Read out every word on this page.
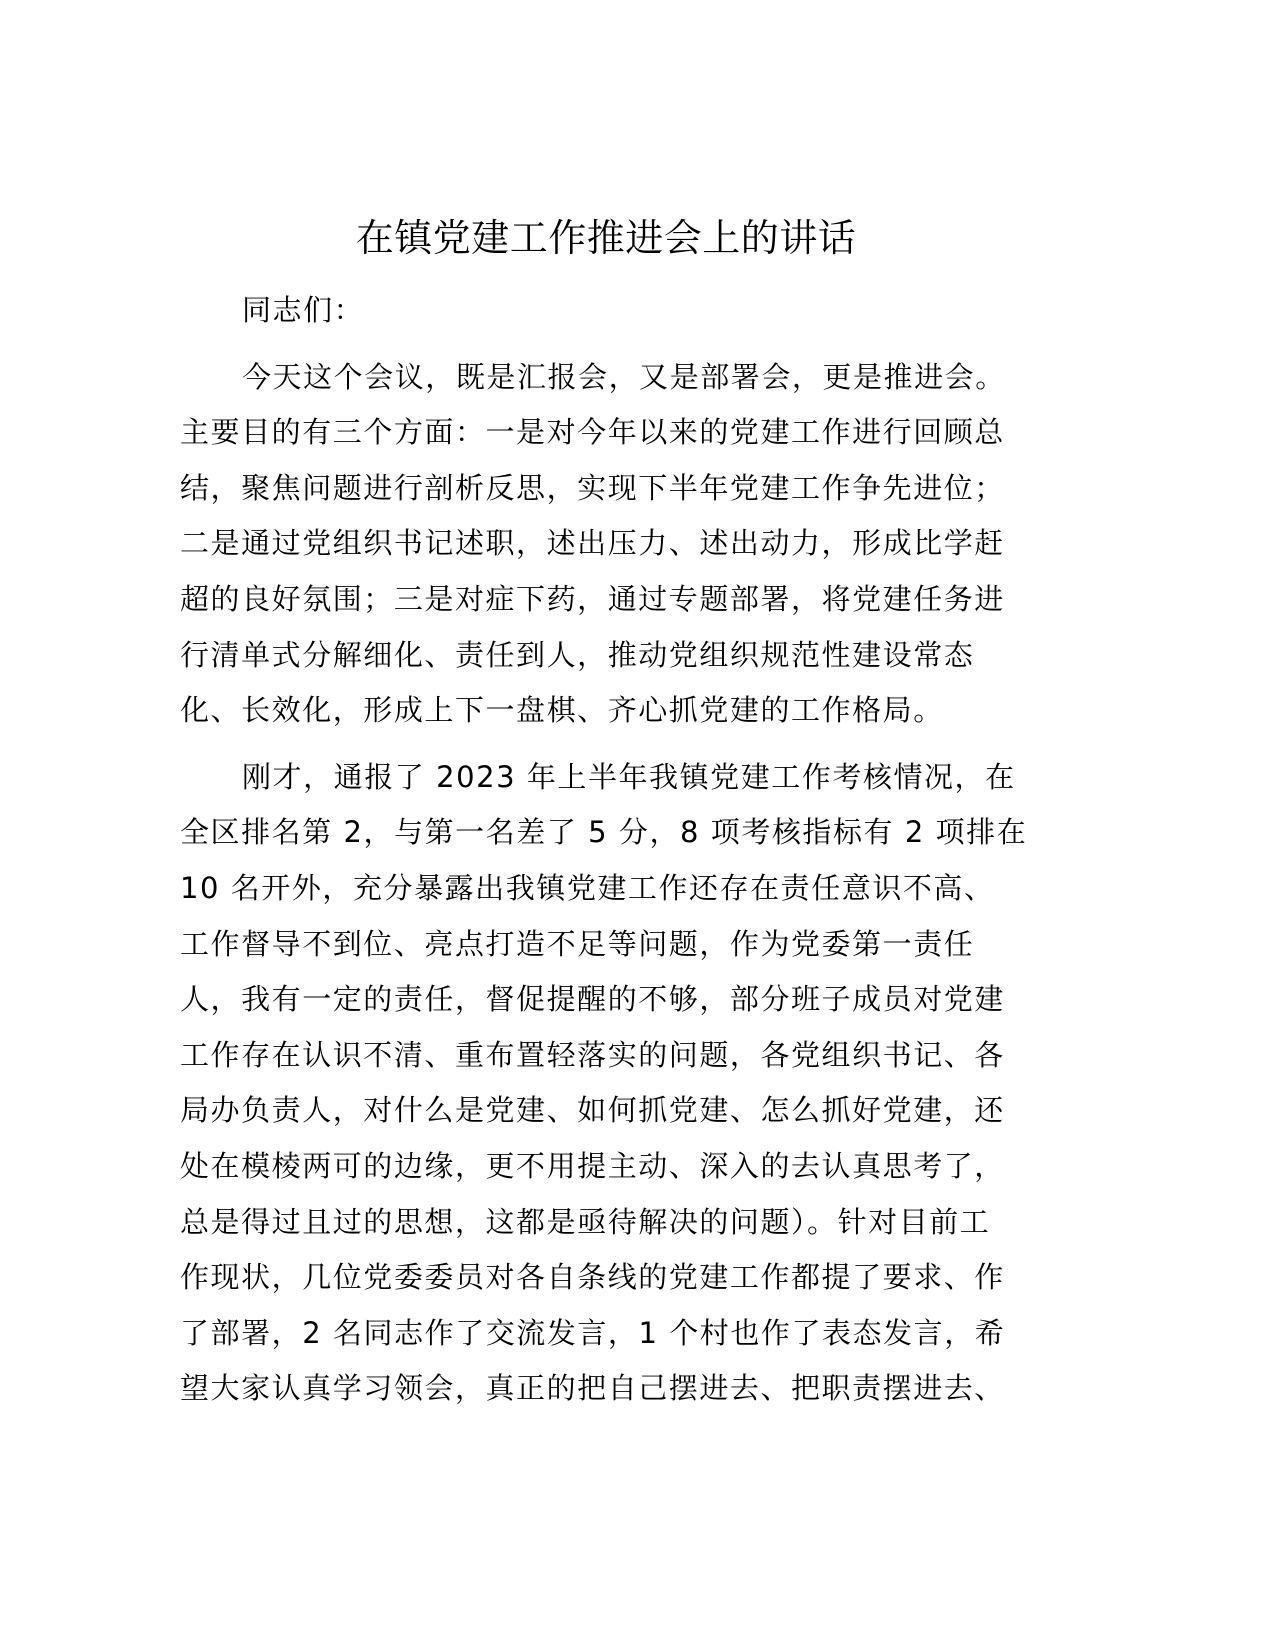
在镇党建工作推进会上的讲话

同志们：

今天这个会议，既是汇报会，又是部署会，更是推进会。
主要目的有三个方面：一是对今年以来的党建工作进行回顾总
结，聚焦问题进行剖析反思，实现下半年党建工作争先进位；
二是通过党组织书记述职，述出压力、述出动力，形成比学赶
超的良好氛围；三是对症下药，通过专题部署，将党建任务进
行清单式分解细化、责任到人，推动党组织规范性建设常态
化、长效化，形成上下一盘棋、齐心抓党建的工作格局。

刚才，通报了 2023 年上半年我镇党建工作考核情况，在
全区排名第 2，与第一名差了 5 分，8 项考核指标有 2 项排在
10 名开外，充分暴露出我镇党建工作还存在责任意识不高、
工作督导不到位、亮点打造不足等问题，作为党委第一责任
人，我有一定的责任，督促提醒的不够，部分班子成员对党建
工作存在认识不清、重布置轻落实的问题，各党组织书记、各
局办负责人，对什么是党建、如何抓党建、怎么抓好党建，还
处在模棱两可的边缘，更不用提主动、深入的去认真思考了，
总是得过且过的思想，这都是亟待解决的问题）。针对目前工
作现状，几位党委委员对各自条线的党建工作都提了要求、作
了部署，2 名同志作了交流发言，1 个村也作了表态发言，希
望大家认真学习领会，真正的把自己摆进去、把职责摆进去、
